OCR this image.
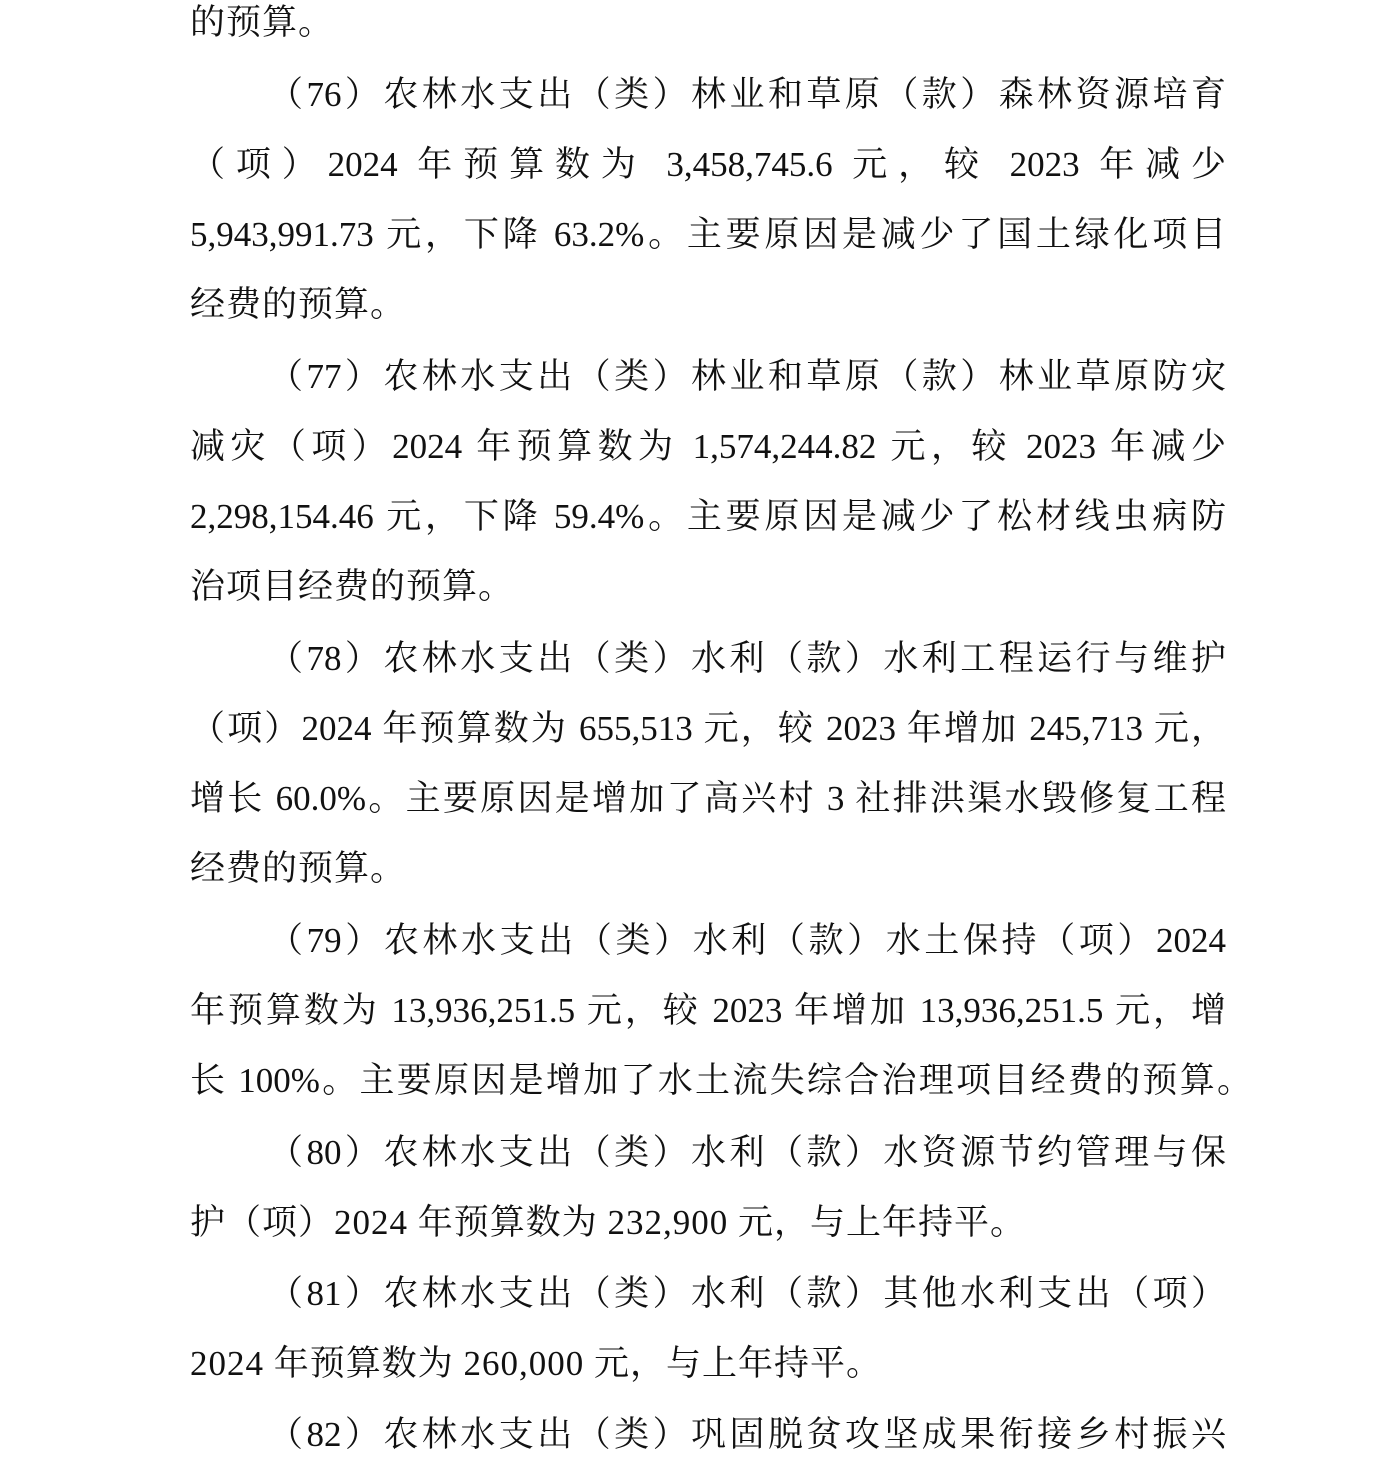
的预算。
（76）农林水支出（类）林业和草原（款）森林资源培育
（项）2024 年预算数为 3,458,745.6 元，较 2023 年减少
5,943,991.73 元，下降 63.2%。主要原因是减少了国土绿化项目
经费的预算。
（77）农林水支出（类）林业和草原（款）林业草原防灾
减灾（项）2024 年预算数为 1,574,244.82 元，较 2023 年减少
2,298,154.46 元，下降 59.4%。主要原因是减少了松材线虫病防
治项目经费的预算。
（78）农林水支出（类）水利（款）水利工程运行与维护
（项）2024 年预算数为 655,513 元，较 2023 年增加 245,713 元，
增长 60.0%。主要原因是增加了高兴村 3 社排洪渠水毁修复工程
经费的预算。
（79）农林水支出（类）水利（款）水土保持（项）2024
年预算数为 13,936,251.5 元，较 2023 年增加 13,936,251.5 元，增
长 100%。主要原因是增加了水土流失综合治理项目经费的预算。
（80）农林水支出（类）水利（款）水资源节约管理与保
护（项）2024 年预算数为 232,900 元，与上年持平。
（81）农林水支出（类）水利（款）其他水利支出（项）
2024 年预算数为 260,000 元，与上年持平。
（82）农林水支出（类）巩固脱贫攻坚成果衔接乡村振兴
